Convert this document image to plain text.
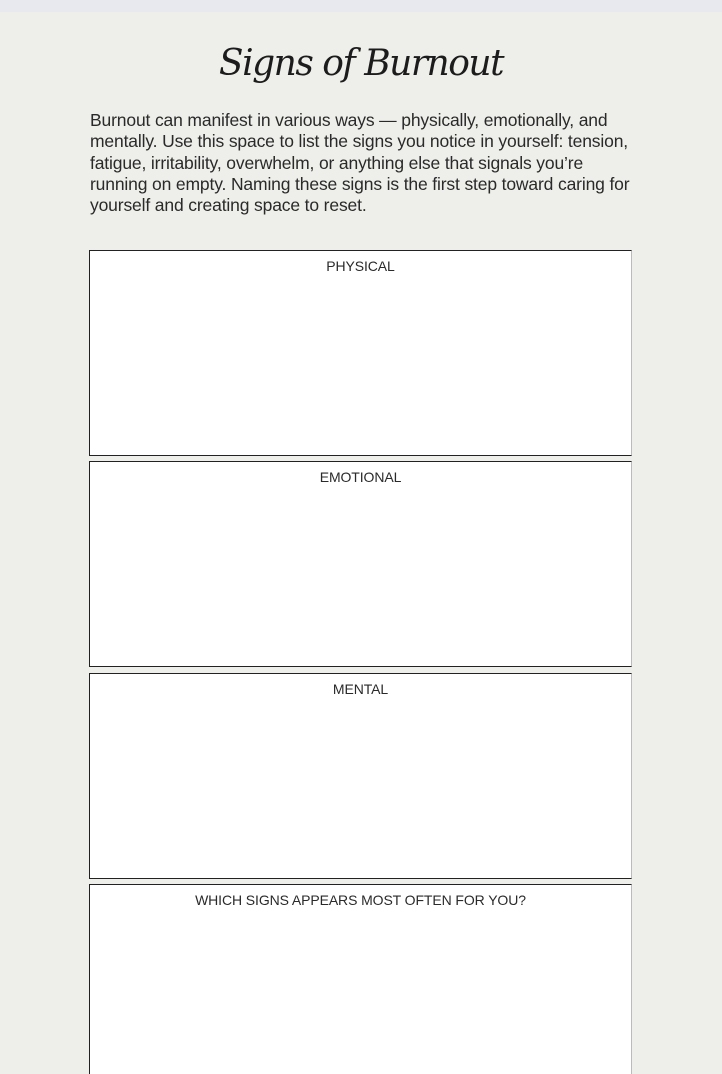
Signs of Burnout

Burnout can manifest in various ways — physically, emotionally, and mentally. Use this space to list the signs you notice in yourself: tension, fatigue, irritability, overwhelm, or anything else that signals you’re running on empty. Naming these signs is the first step toward caring for yourself and creating space to reset.

PHYSICAL
EMOTIONAL
MENTAL
WHICH SIGNS APPEARS MOST OFTEN FOR YOU?
